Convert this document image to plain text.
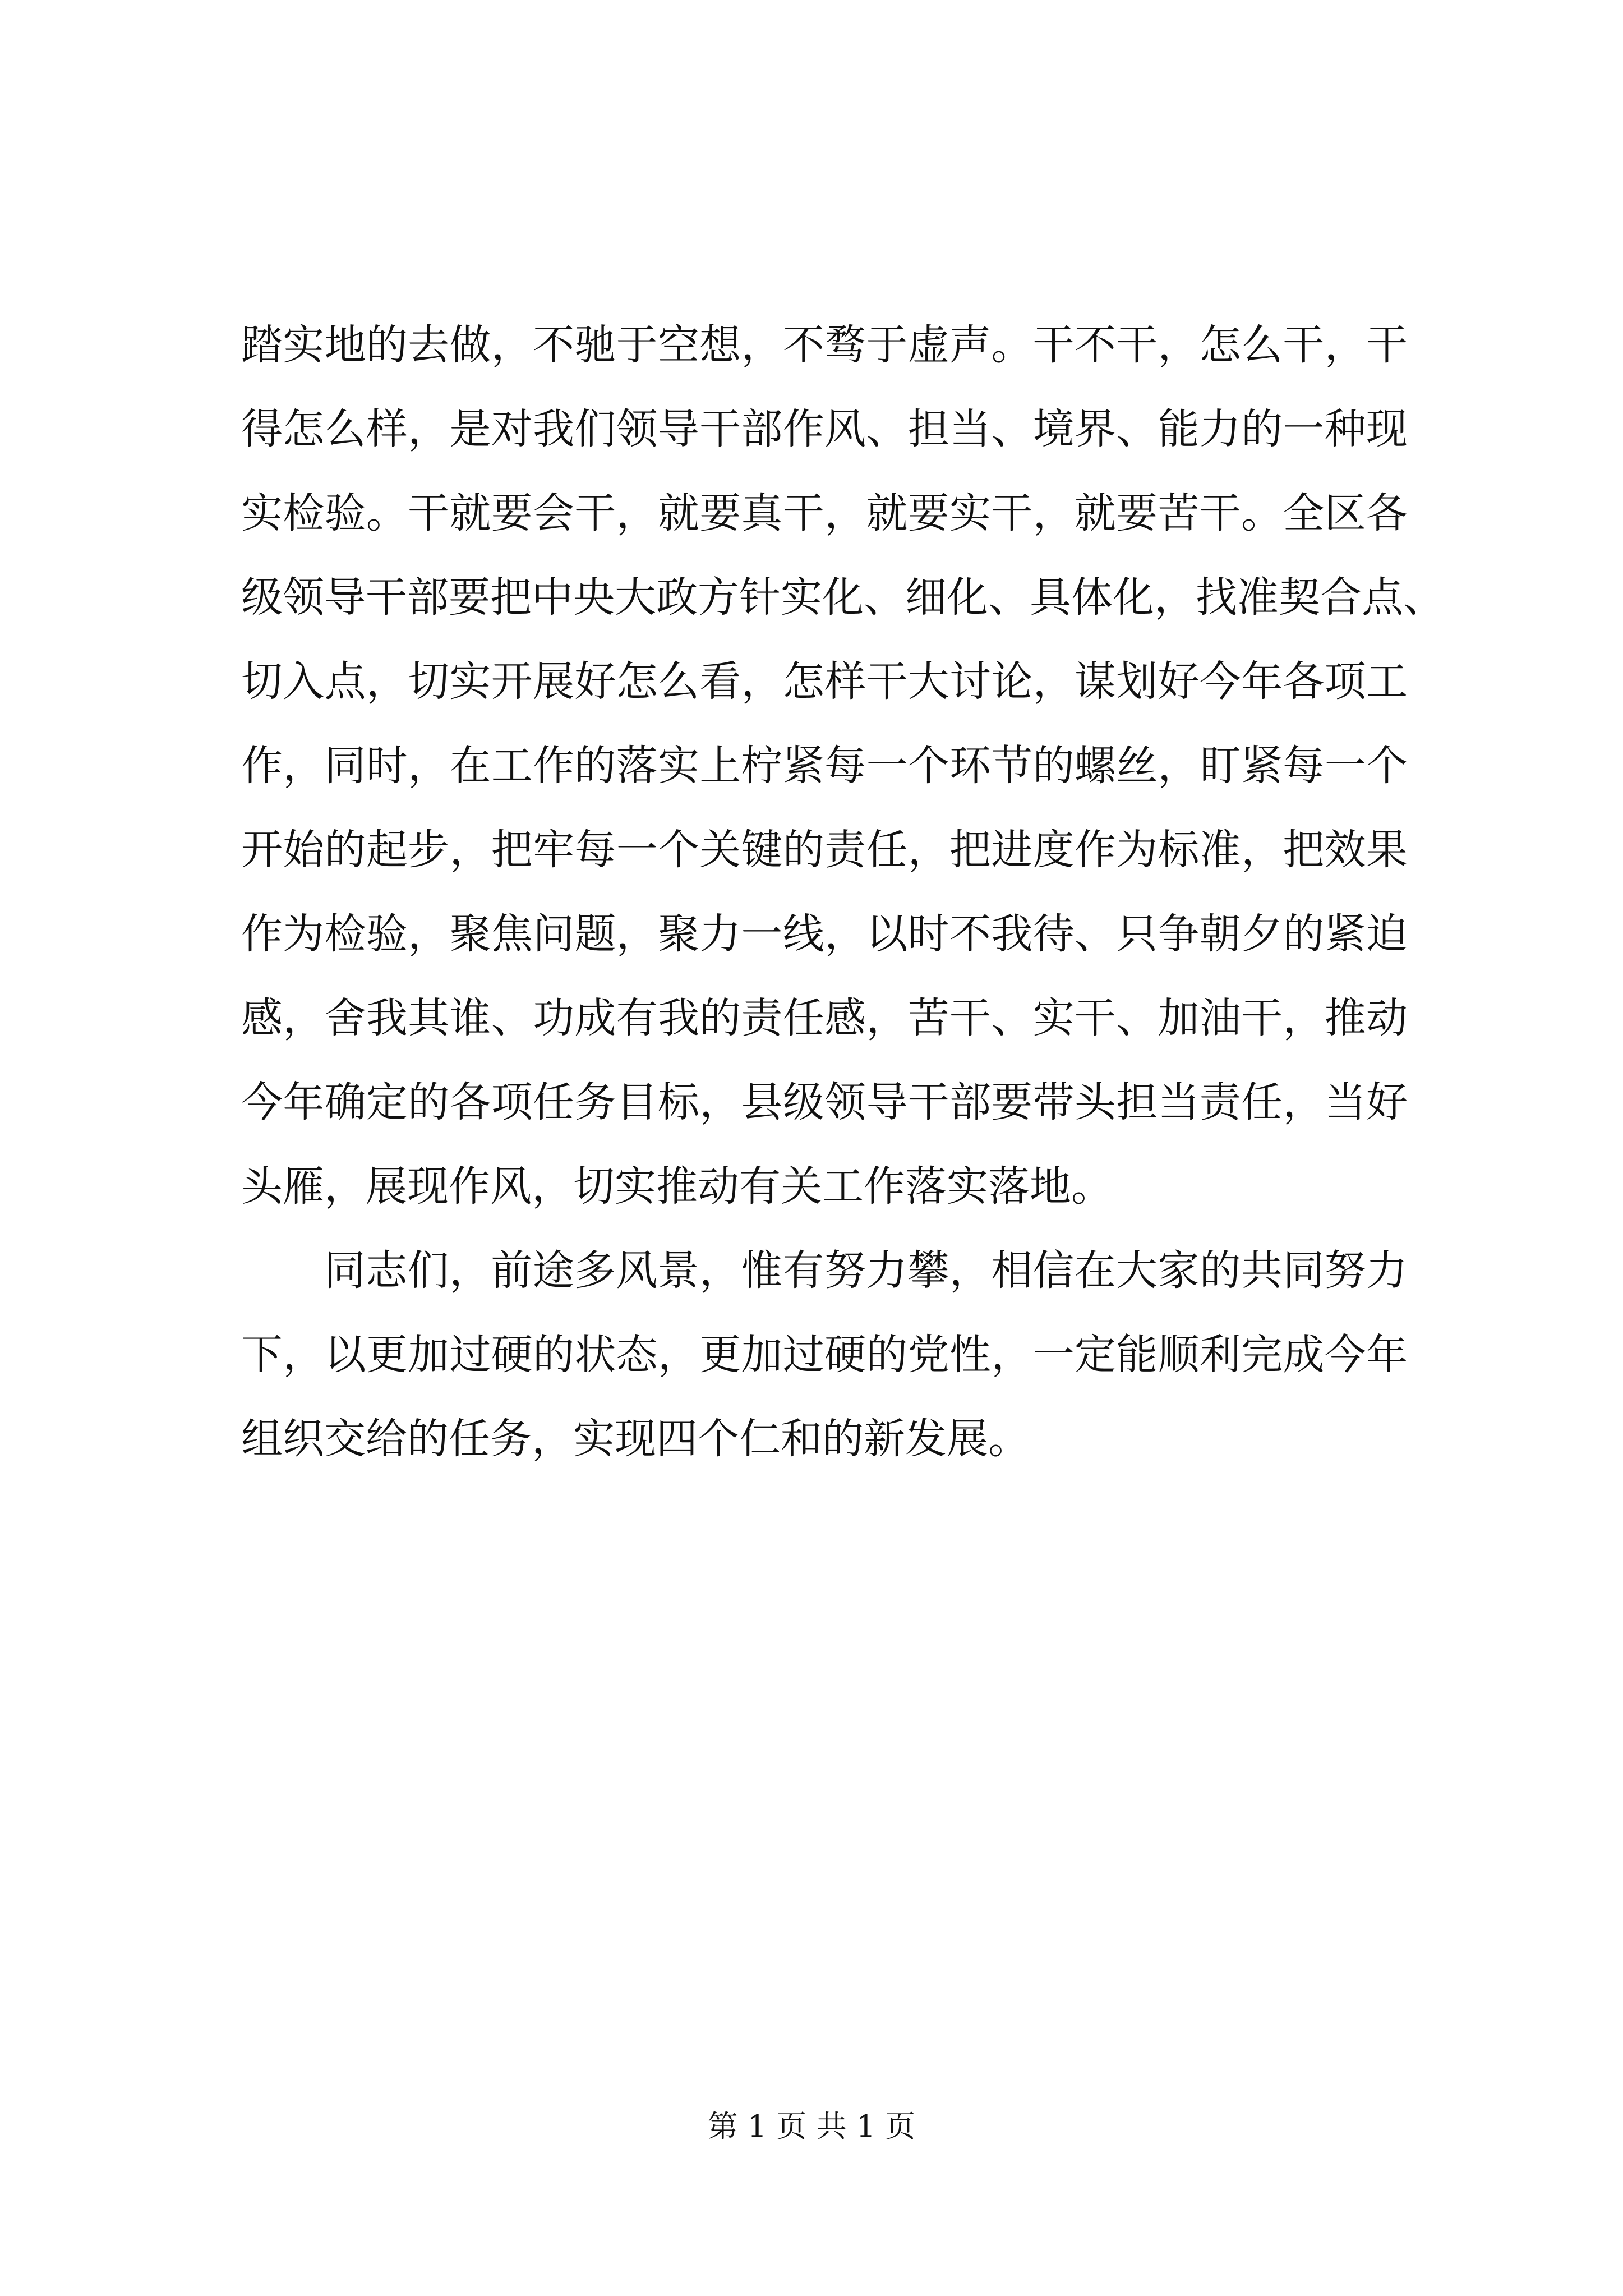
踏实地的去做，不驰于空想，不骛于虚声。干不干，怎么干，干
得怎么样，是对我们领导干部作风、担当、境界、能力的一种现
实检验。干就要会干，就要真干，就要实干，就要苦干。全区各
级领导干部要把中央大政方针实化、细化、具体化，找准契合点、
切入点，切实开展好怎么看，怎样干大讨论，谋划好今年各项工
作，同时，在工作的落实上柠紧每一个环节的螺丝，盯紧每一个
开始的起步，把牢每一个关键的责任，把进度作为标准，把效果
作为检验，聚焦问题，聚力一线，以时不我待、只争朝夕的紧迫
感，舍我其谁、功成有我的责任感，苦干、实干、加油干，推动
今年确定的各项任务目标，县级领导干部要带头担当责任，当好
头雁，展现作风，切实推动有关工作落实落地。
同志们，前途多风景，惟有努力攀，相信在大家的共同努力
下，以更加过硬的状态，更加过硬的党性，一定能顺利完成今年
组织交给的任务，实现四个仁和的新发展。
第 1 页 共 1 页
